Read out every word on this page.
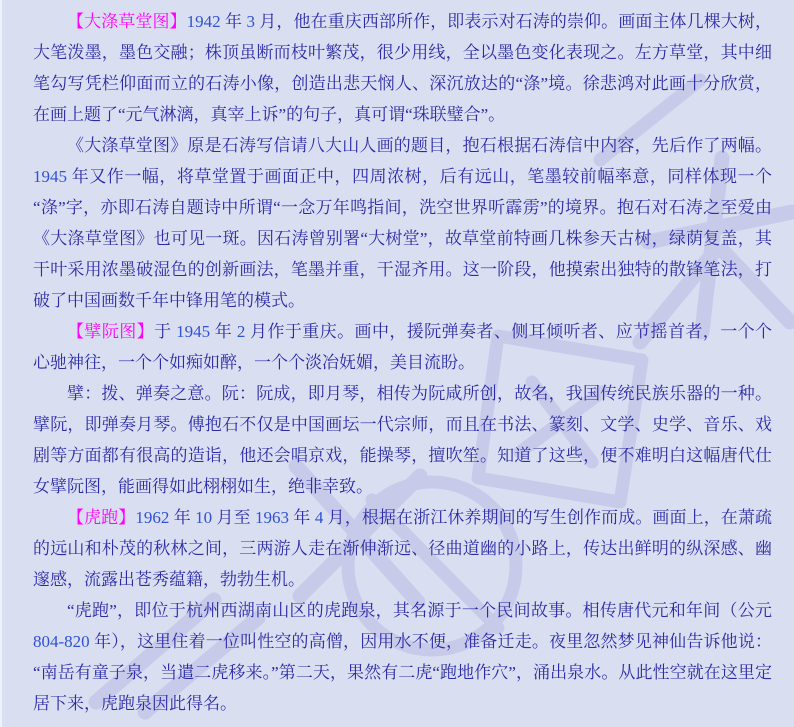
【大涤草堂图】1942 年 3 月，他在重庆西部所作，即表示对石涛的崇仰。画面主体几棵大树，大笔泼墨，墨色交融；株顶虽断而枝叶繁茂，很少用线，全以墨色变化表现之。左方草堂，其中细笔勾写凭栏仰面而立的石涛小像，创造出悲天悯人、深沉放达的“涤”境。徐悲鸿对此画十分欣赏，在画上题了“元气淋漓，真宰上诉”的句子，真可谓“珠联璧合”。

《大涤草堂图》原是石涛写信请八大山人画的题目，抱石根据石涛信中内容，先后作了两幅。1945 年又作一幅，将草堂置于画面正中，四周浓树，后有远山，笔墨较前幅率意，同样体现一个“涤”字，亦即石涛自题诗中所谓“一念万年鸣指间，洗空世界听霹雳”的境界。抱石对石涛之至爱由《大涤草堂图》也可见一斑。因石涛曾别署“大树堂”，故草堂前特画几株参天古树，绿荫复盖，其干叶采用浓墨破湿色的创新画法，笔墨并重，干湿齐用。这一阶段，他摸索出独特的散锋笔法，打破了中国画数千年中锋用笔的模式。

【擘阮图】于 1945 年 2 月作于重庆。画中，援阮弹奏者、侧耳倾听者、应节摇首者，一个个心驰神往，一个个如痴如醉，一个个淡冶妩媚，美目流盼。

擘：拨、弹奏之意。阮：阮成，即月琴，相传为阮咸所创，故名，我国传统民族乐器的一种。擘阮，即弹奏月琴。傅抱石不仅是中国画坛一代宗师，而且在书法、篆刻、文学、史学、音乐、戏剧等方面都有很高的造诣，他还会唱京戏，能操琴，擅吹笙。知道了这些，便不难明白这幅唐代仕女擘阮图，能画得如此栩栩如生，绝非幸致。

【虎跑】1962 年 10 月至 1963 年 4 月，根据在浙江休养期间的写生创作而成。画面上，在萧疏的远山和朴茂的秋林之间，三两游人走在渐伸渐远、径曲道幽的小路上，传达出鲜明的纵深感、幽邃感，流露出苍秀蕴籍，勃勃生机。

“虎跑”，即位于杭州西湖南山区的虎跑泉，其名源于一个民间故事。相传唐代元和年间（公元804-820 年），这里住着一位叫性空的高僧，因用水不便，准备迁走。夜里忽然梦见神仙告诉他说：“南岳有童子泉，当遣二虎移来。”第二天，果然有二虎“跑地作穴”，涌出泉水。从此性空就在这里定居下来，虎跑泉因此得名。
